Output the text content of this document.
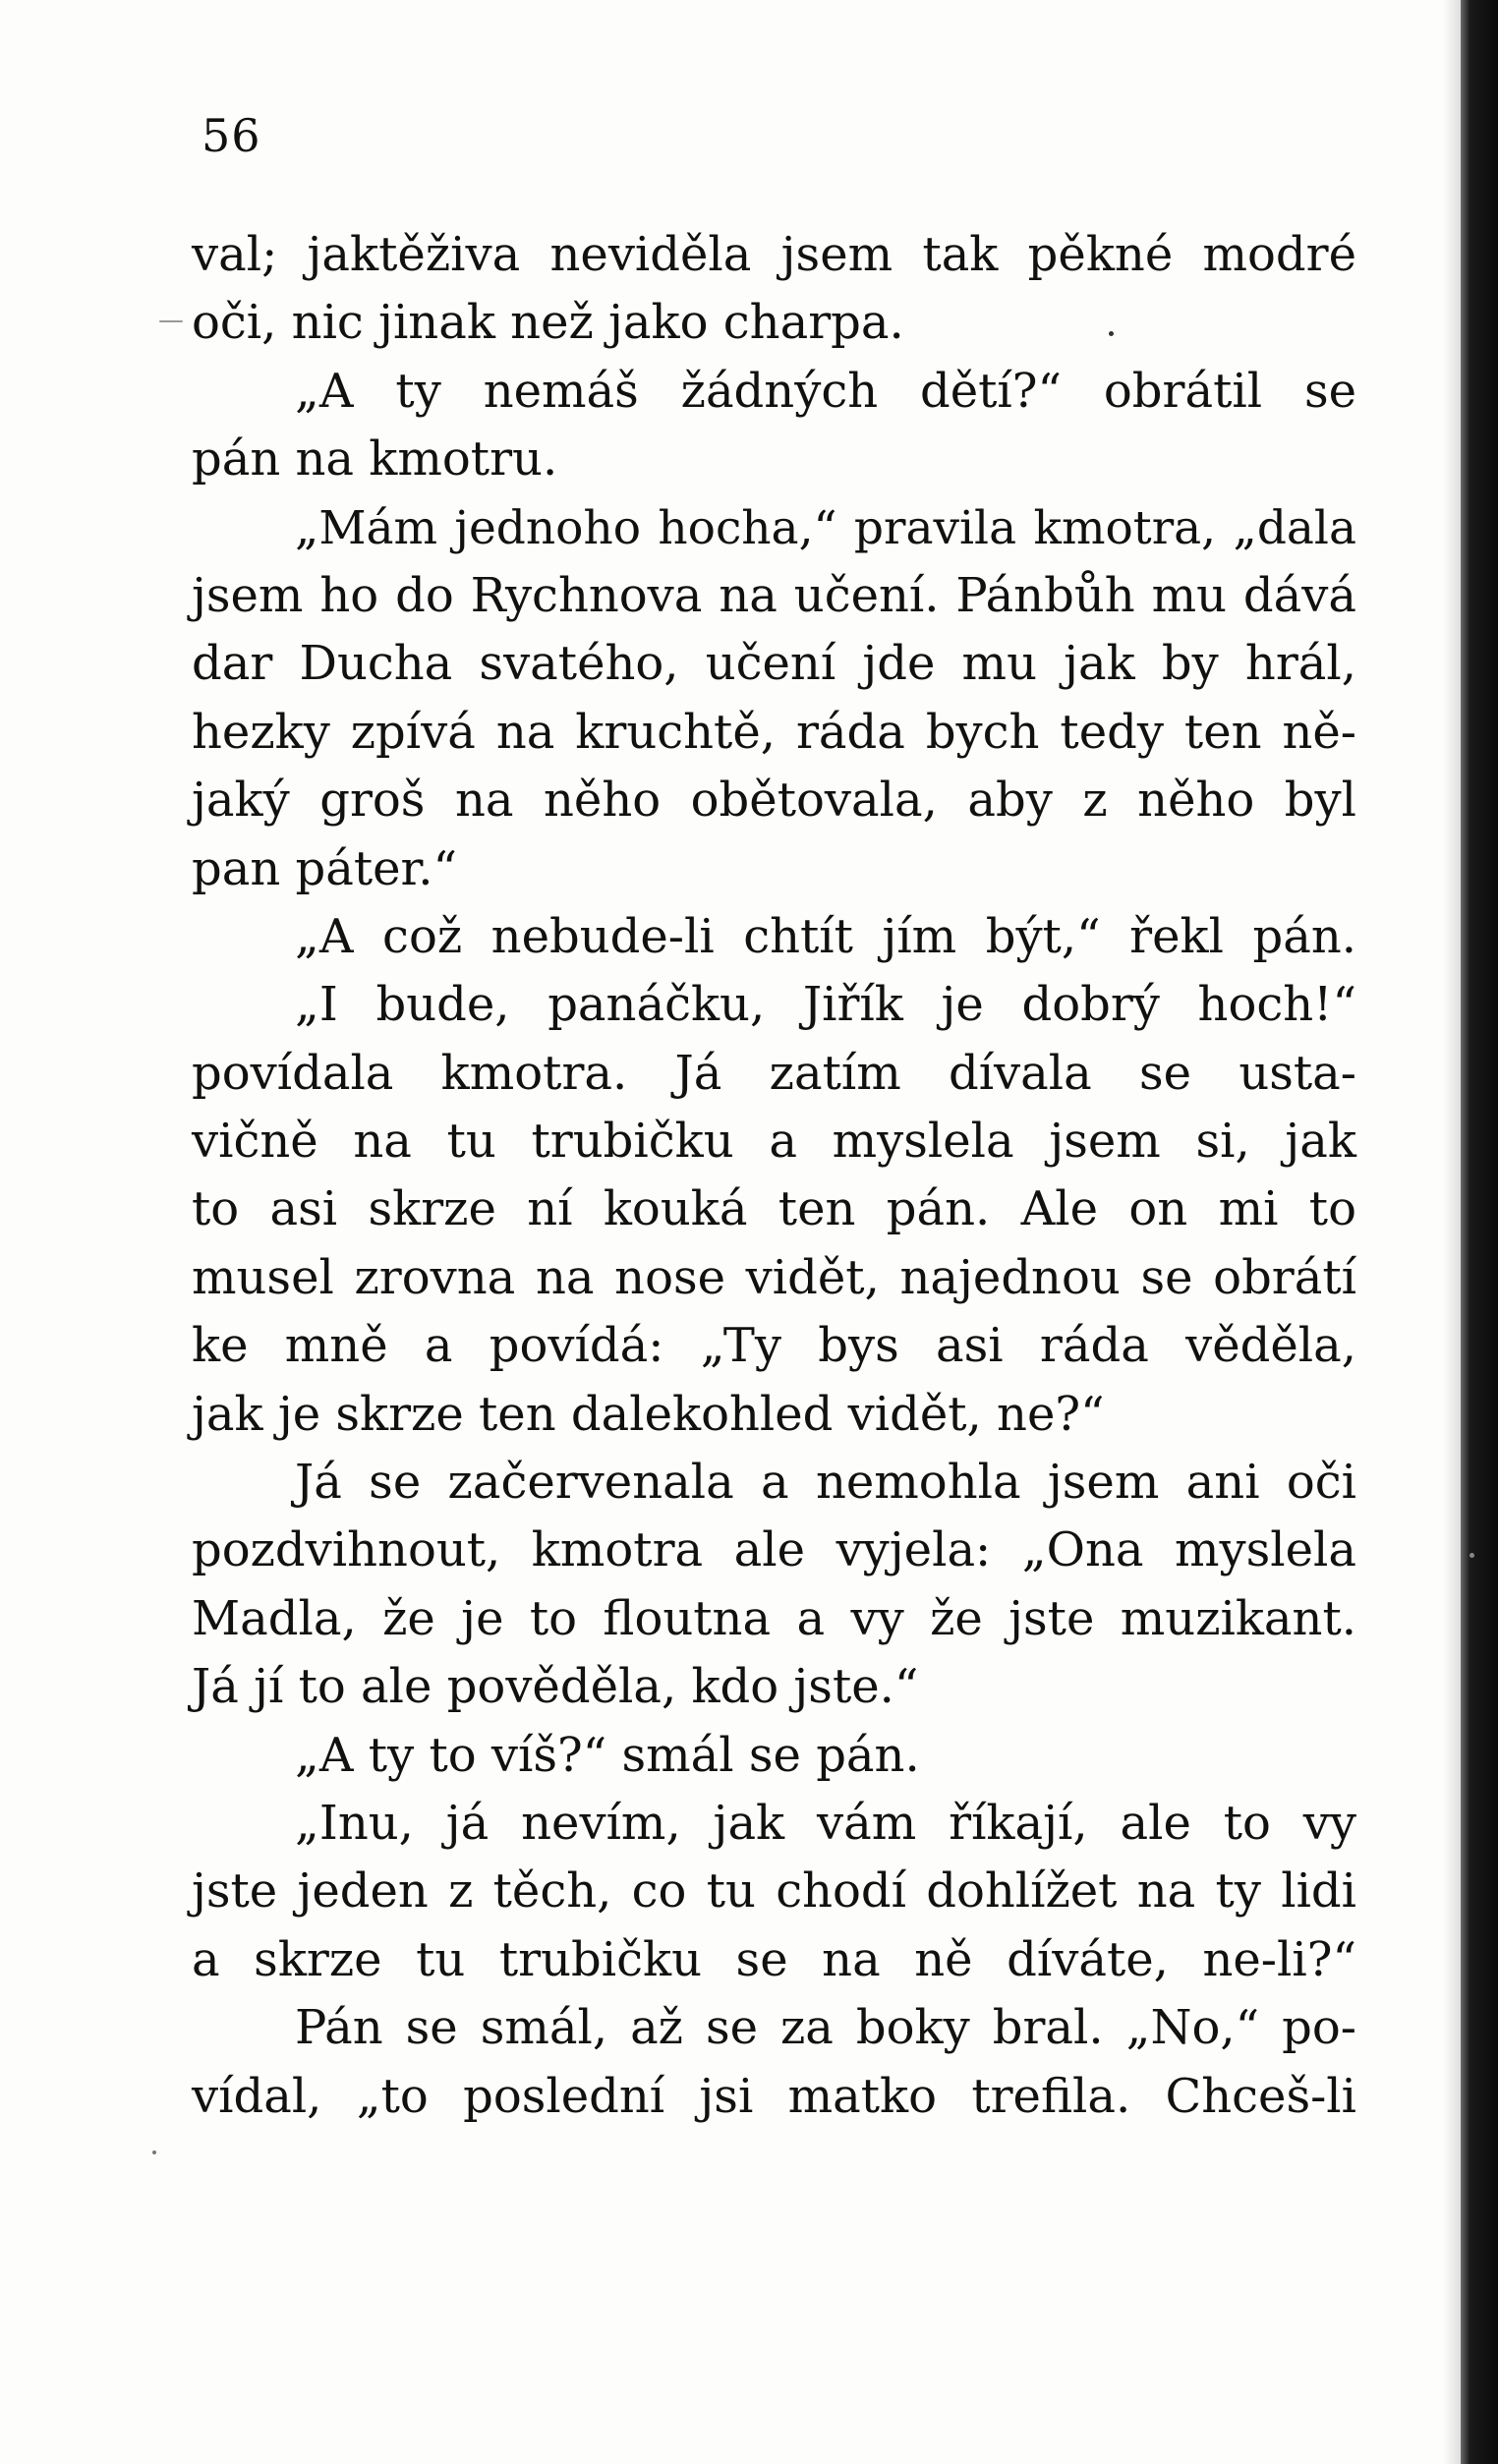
56
val; jaktěživa neviděla jsem tak pěkné modré
oči, nic jinak než jako charpa.
„A ty nemáš žádných dětí?“ obrátil se
pán na kmotru.
„Mám jednoho hocha,“ pravila kmotra, „dala
jsem ho do Rychnova na učení. Pánbůh mu dává
dar Ducha svatého, učení jde mu jak by hrál,
hezky zpívá na kruchtě, ráda bych tedy ten ně-
jaký groš na něho obětovala, aby z něho byl
pan páter.“
„A což nebude-li chtít jím být,“ řekl pán.
„I bude, panáčku, Jiřík je dobrý hoch!“
povídala kmotra. Já zatím dívala se usta-
vičně na tu trubičku a myslela jsem si, jak
to asi skrze ní kouká ten pán. Ale on mi to
musel zrovna na nose vidět, najednou se obrátí
ke mně a povídá: „Ty bys asi ráda věděla,
jak je skrze ten dalekohled vidět, ne?“
Já se začervenala a nemohla jsem ani oči
pozdvihnout, kmotra ale vyjela: „Ona myslela
Madla, že je to floutna a vy že jste muzikant.
Já jí to ale pověděla, kdo jste.“
„A ty to víš?“ smál se pán.
„Inu, já nevím, jak vám říkají, ale to vy
jste jeden z těch, co tu chodí dohlížet na ty lidi
a skrze tu trubičku se na ně díváte, ne-li?“
Pán se smál, až se za boky bral. „No,“ po-
vídal, „to poslední jsi matko trefila. Chceš-li
